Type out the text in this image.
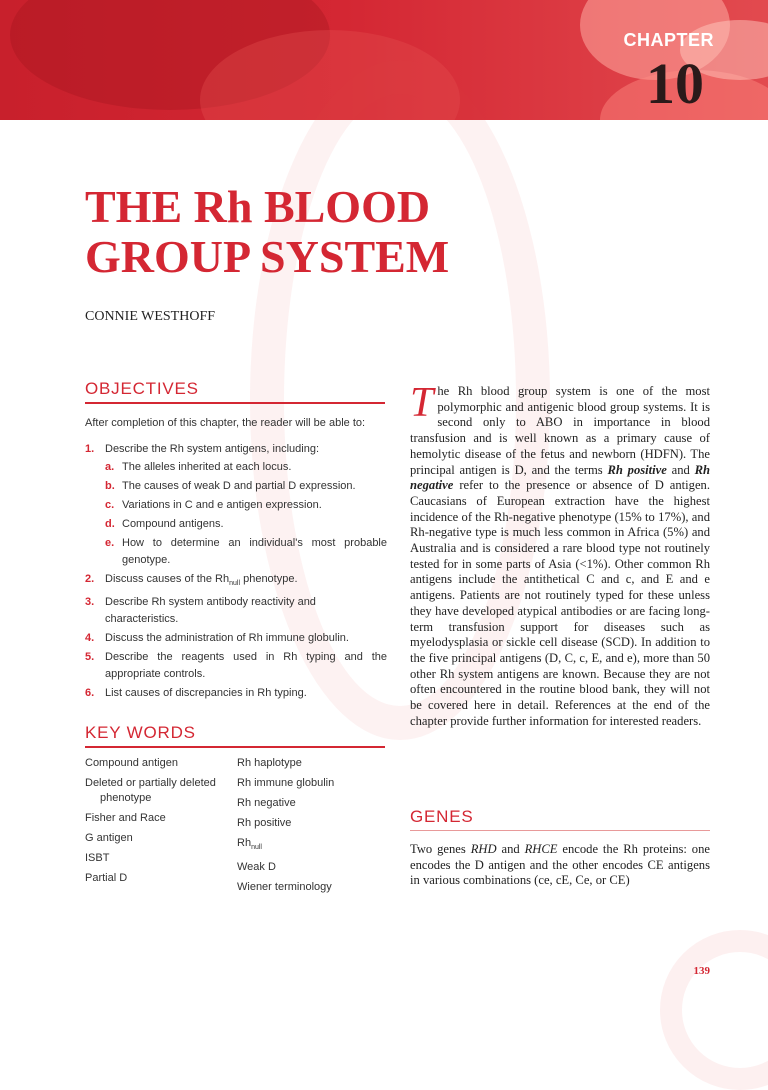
CHAPTER
10
THE Rh BLOOD
GROUP SYSTEM
CONNIE WESTHOFF
OBJECTIVES
After completion of this chapter, the reader will be able to:
1. Describe the Rh system antigens, including:
a. The alleles inherited at each locus.
b. The causes of weak D and partial D expression.
c. Variations in C and e antigen expression.
d. Compound antigens.
e. How to determine an individual's most probable genotype.
2. Discuss causes of the $Rh_{null}$ phenotype.
3. Describe Rh system antibody reactivity and characteristics.
4. Discuss the administration of Rh immune globulin.
5. Describe the reagents used in Rh typing and the appropriate controls.
6. List causes of discrepancies in Rh typing.
KEY WORDS
Compound antigen
Deleted or partially deleted phenotype
Fisher and Race
G antigen
ISBT
Partial D
Rh haplotype
Rh immune globulin
Rh negative
Rh positive
$Rh_{null}$
Weak D
Wiener terminology

The Rh blood group system is one of the most polymorphic and antigenic blood group systems. It is second only to ABO in importance in blood transfusion and is well known as a primary cause of hemolytic disease of the fetus and newborn (HDFN). The principal antigen is D, and the terms Rh positive and Rh negative refer to the presence or absence of D antigen. Caucasians of European extraction have the highest incidence of the Rh-negative phenotype (15% to 17%), and Rh-negative type is much less common in Africa (5%) and Australia and is considered a rare blood type not routinely tested for in some parts of Asia (<1%). Other common Rh antigens include the antithetical C and c, and E and e antigens. Patients are not routinely typed for these unless they have developed atypical antibodies or are facing long-term transfusion support for diseases such as myelodysplasia or sickle cell disease (SCD). In addition to the five principal antigens (D, C, c, E, and e), more than 50 other Rh system antigens are known. Because they are not often encountered in the routine blood bank, they will not be covered here in detail. References at the end of the chapter provide further information for interested readers.

GENES

Two genes RHD and RHCE encode the Rh proteins: one encodes the D antigen and the other encodes CE antigens in various combinations (ce, cE, Ce, or CE)

139
